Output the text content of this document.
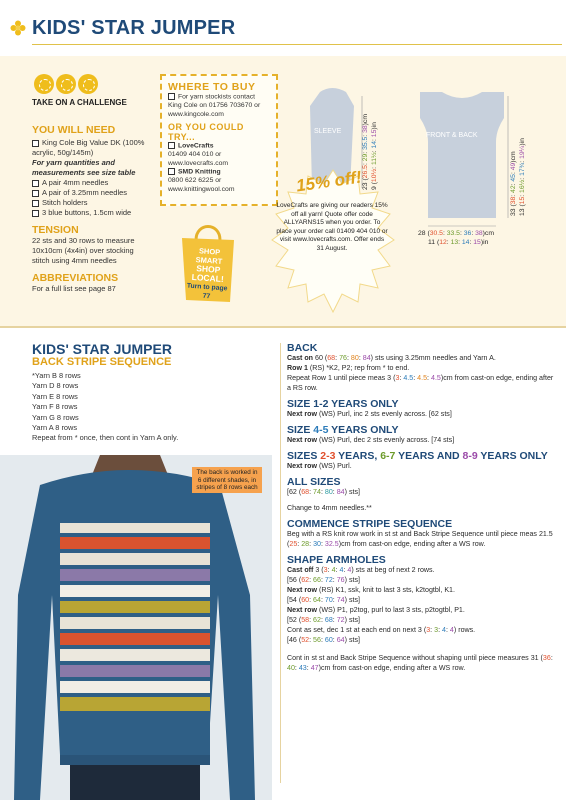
KIDS' STAR JUMPER
TAKE ON A CHALLENGE
YOU WILL NEED
King Cole Big Value DK (100% acrylic, 50g/145m)
For yarn quantities and measurements see size table
A pair 4mm needles
A pair of 3.25mm needles
Stitch holders
3 blue buttons, 1.5cm wide
TENSION
22 sts and 30 rows to measure 10x10cm (4x4in) over stocking stitch using 4mm needles
ABBREVIATIONS
For a full list see page 87
WHERE TO BUY
For yarn stockists contact King Cole on 01756 703670 or www.kingcole.com
OR YOU COULD TRY...
LoveCrafts
01409 404 010 or www.lovecrafts.com
SMD Knitting
0800 622 6225 or www.knittingwool.com
SHOP SMART
SHOP LOCAL!
Turn to page 77
SLEEVE
FRONT & BACK
23 (26.5: 29: 35.5: 38)cm
9 (10½: 11½: 14: 15)in
33 (38: 42: 45: 49)cm
13 (15: 16½: 17¾: 19¼)in
28 (30.5: 33.5: 36: 38)cm
11 (12: 13: 14: 15)in
15% off!
LoveCrafts are giving our readers 15% off all yarn! Quote offer code ALLYARNS15 when you order. To place your order call 01409 404 010 or visit www.lovecrafts.com. Offer ends 31 August.
KIDS' STAR JUMPER
BACK STRIPE SEQUENCE
*Yarn B 8 rows
Yarn D 8 rows
Yarn E 8 rows
Yarn F 8 rows
Yarn G 8 rows
Yarn A 8 rows
Repeat from * once, then cont in Yarn A only.
The back is worked in 6 different shades, in stripes of 8 rows each
BACK

Cast on 60 (68: 76: 80: 84) sts using 3.25mm needles and Yarn A.

Row 1 (RS) *K2, P2; rep from * to end.

Repeat Row 1 until piece meas 3 (3: 4.5: 4.5: 4.5)cm from cast-on edge, ending after a RS row.

SIZE 1-2 YEARS ONLY

Next row (WS) Purl, inc 2 sts evenly across. [62 sts]

SIZE 4-5 YEARS ONLY

Next row (WS) Purl, dec 2 sts evenly across. [74 sts]

SIZES 2-3 YEARS, 6-7 YEARS AND 8-9 YEARS ONLY

Next row (WS) Purl.

ALL SIZES

[62 (68: 74: 80: 84) sts]

Change to 4mm needles.**

COMMENCE STRIPE SEQUENCE

Beg with a RS knit row work in st st and Back Stripe Sequence until piece meas 21.5 (25: 28: 30: 32.5)cm from cast-on edge, ending after a WS row.

SHAPE ARMHOLES

Cast off 3 (3: 4: 4: 4) sts at beg of next 2 rows.

[56 (62: 66: 72: 76) sts]

Next row (RS) K1, ssk, knit to last 3 sts, k2togtbl, K1.

[54 (60: 64: 70: 74) sts]

Next row (WS) P1, p2tog, purl to last 3 sts, p2togtbl, P1.

[52 (58: 62: 68: 72) sts]

Cont as set, dec 1 st at each end on next 3 (3: 3: 4: 4) rows.

[46 (52: 56: 60: 64) sts]

Cont in st st and Back Stripe Sequence without shaping until piece measures 31 (36: 40: 43: 47)cm from cast-on edge, ending after a WS row.

PassionForum.ru
